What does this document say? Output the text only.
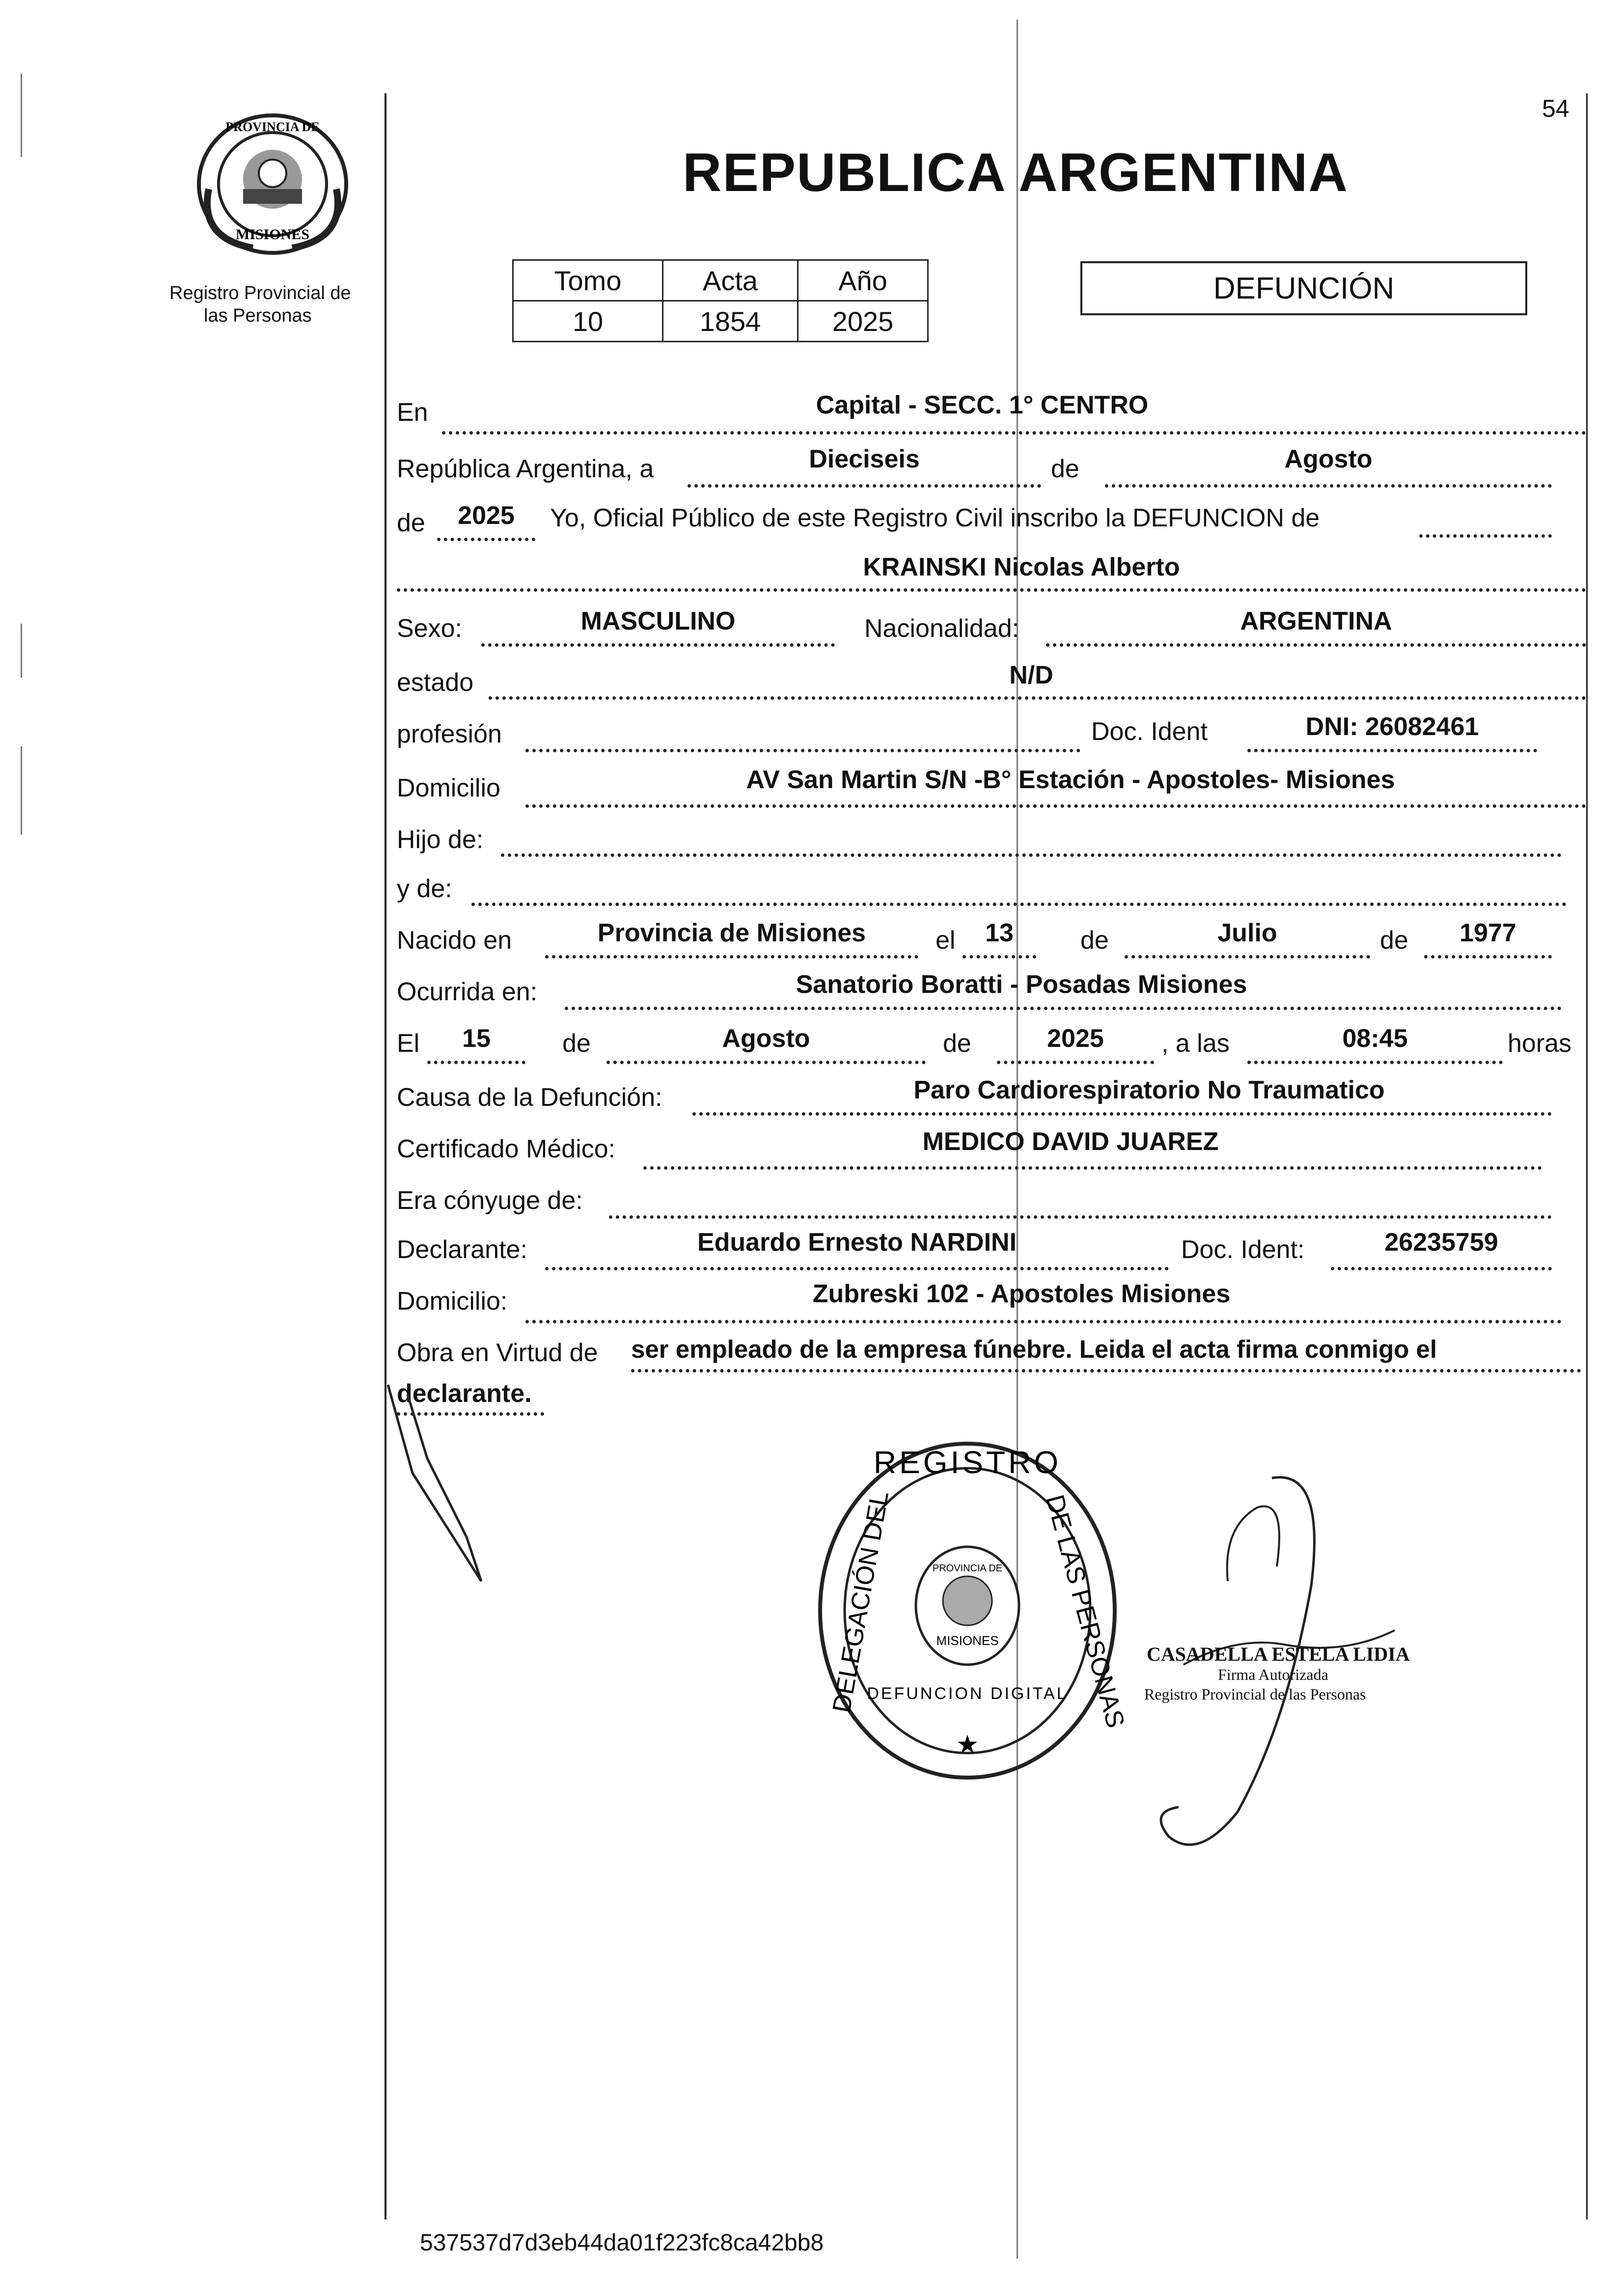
54
PROVINCIA DE
MISIONES
Registro Provincial de
las Personas
REPUBLICA ARGENTINA
Tomo	Acta	Año
10	1854	2025
DEFUNCIÓN
En	Capital - SECC. 1° CENTRO
República Argentina, a	Dieciseis	de	Agosto
de	2025	Yo, Oficial Público de este Registro Civil inscribo la DEFUNCION de
KRAINSKI Nicolas Alberto
Sexo:	MASCULINO	Nacionalidad:	ARGENTINA
estado	N/D
profesión	Doc. Ident	DNI: 26082461
Domicilio	AV San Martin S/N -B° Estación - Apostoles- Misiones
Hijo de:
y de:
Nacido en	Provincia de Misiones	el	13	de	Julio	de	1977
Ocurrida en:	Sanatorio Boratti - Posadas Misiones
El	15	de	Agosto	de	2025	, a las	08:45	horas
Causa de la Defunción:	Paro Cardiorespiratorio No Traumatico
Certificado Médico:	MEDICO DAVID JUAREZ
Era cónyuge de:
Declarante:	Eduardo Ernesto NARDINI	Doc. Ident:	26235759
Domicilio:	Zubreski 102 - Apostoles Misiones
Obra en Virtud de ser empleado de la empresa fúnebre. Leida el acta firma conmigo el
declarante.
REGISTRO
DELEGACIÓN DEL	DE LAS PERSONAS
DEFUNCION DIGITAL
★
PROVINCIA DE
MISIONES
CASADELLA ESTELA LIDIA
Firma Autorizada
Registro Provincial de las Personas
537537d7d3eb44da01f223fc8ca42bb8
